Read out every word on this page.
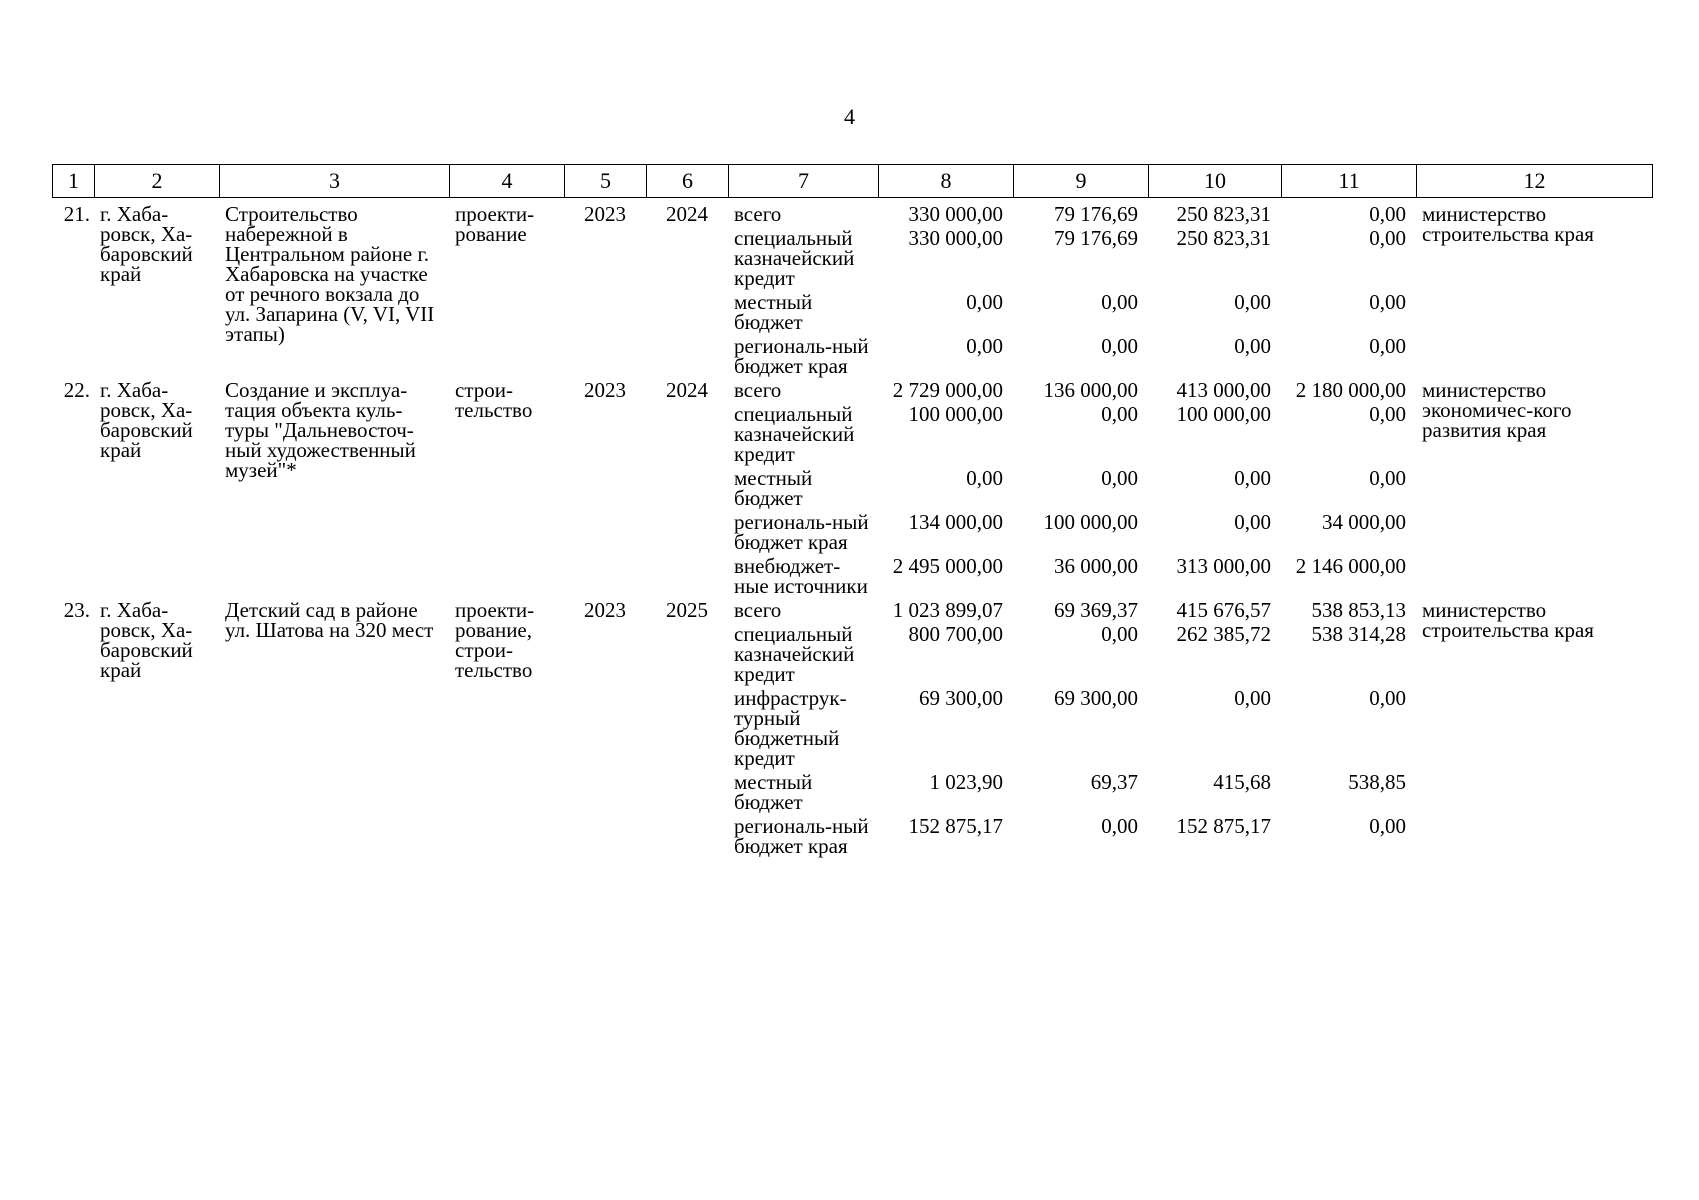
4
1	2	3	4	5	6	7	8	9	10	11	12
21.	г. Хаба-ровск, Ха-баровский край	Строительство набережной в Центральном районе г. Хабаровска на участке от речного вокзала до ул. Запарина (V, VI, VII этапы)	проекти-рование	2023	2024	всего	330 000,00	79 176,69	250 823,31	0,00	министерство строительства края
						специальный казначейский кредит	330 000,00	79 176,69	250 823,31	0,00	
						местный бюджет	0,00	0,00	0,00	0,00	
						региональ-ный бюджет края	0,00	0,00	0,00	0,00	
22.	г. Хаба-ровск, Ха-баровский край	Создание и эксплуа-тация объекта куль-туры "Дальневосточ-ный художественный музей"*	строи-тельство	2023	2024	всего	2 729 000,00	136 000,00	413 000,00	2 180 000,00	министерство экономичес-кого развития края
						специальный казначейский кредит	100 000,00	0,00	100 000,00	0,00	
						местный бюджет	0,00	0,00	0,00	0,00	
						региональ-ный бюджет края	134 000,00	100 000,00	0,00	34 000,00	
						внебюджет-ные источники	2 495 000,00	36 000,00	313 000,00	2 146 000,00	
23.	г. Хаба-ровск, Ха-баровский край	Детский сад в районе ул. Шатова на 320 мест	проекти-рование, строи-тельство	2023	2025	всего	1 023 899,07	69 369,37	415 676,57	538 853,13	министерство строительства края
						специальный казначейский кредит	800 700,00	0,00	262 385,72	538 314,28	
						инфраструк-турный бюджетный кредит	69 300,00	69 300,00	0,00	0,00	
						местный бюджет	1 023,90	69,37	415,68	538,85	
						региональ-ный бюджет края	152 875,17	0,00	152 875,17	0,00	
